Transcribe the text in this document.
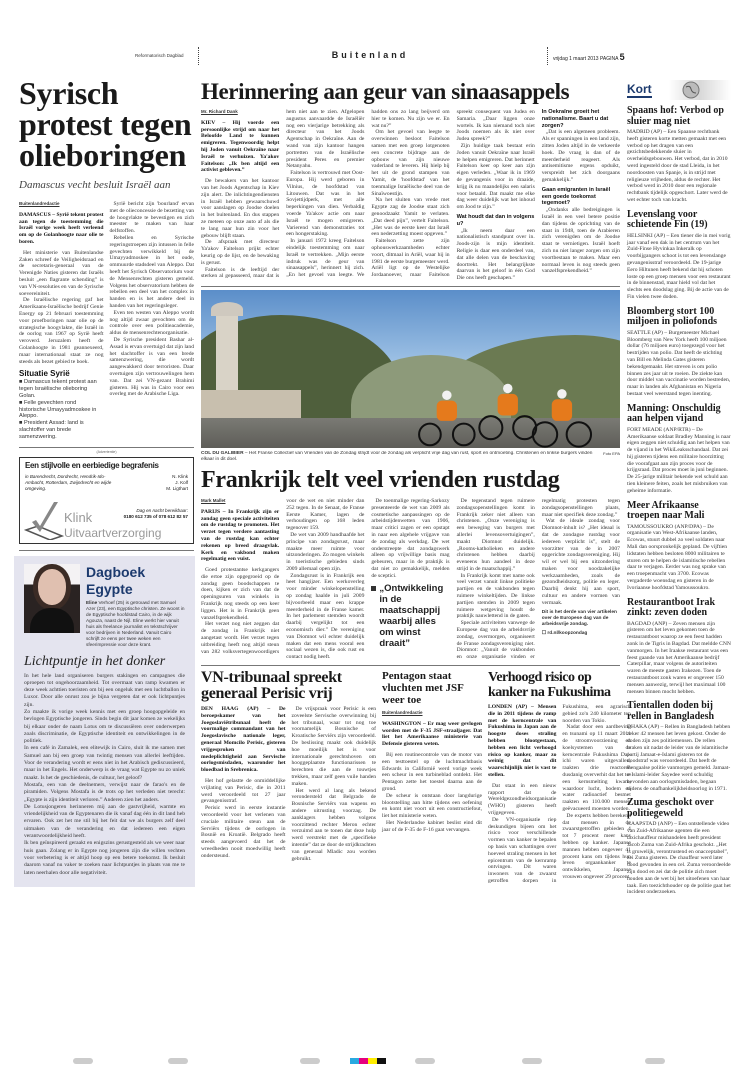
Reformatorisch Dagblad	Buitenland	vrijdag 1 maart 2013 PAGINA 5
Syrisch protest tegen olieboringen
Damascus vecht besluit Israël aan
Buitenlandredactie

DAMASCUS – Syrië tekent protest aan tegen de toestemming die Israël vorige week heeft verleend om op de Golanhoogte naar olie te boren.

Het ministerie van Buitenlandse Zaken schreef de Veiligheidsraad en de secretaris-generaal van de Verenigde Naties gisteren dat Israëls besluit „een flagrante schending” is van VN-resoluties en van de Syrische soevereiniteit.

De Israëlische regering gaf het Amerikaans-Israëlische bedrijf Genie Energy op 21 februari toestemming voor proefboringen naar olie op de strategische hoogvlakte, die Israël in de oorlog van 1967 op Syrië heeft veroverd. Jeruzalem heeft de Golanhoogte in 1981 geannexeerd, maar internationaal staat ze nog steeds als bezet gebied te boek.

Situatie Syrië
■ Damascus tekent protest aan tegen Israëlische olieboring Golan.
■ Felle gevechten rond historische Umayyadmoskee in Aleppo.
■ President Assad: land is slachtoffer van brede samenzwering.

Syrië bericht zijn 'bourland' ervan met de olieconcessie de bezetting van de hoogvlakte te bevestigen en zich meester te maken van haar delfstoffen.

Rebellen en Syrische regeringstroepen zijn intussen in felle gevechten verwikkeld bij de Umayyadmoskee in het oude, ommuurde stadsdeel van Aleppo. Dat heeft het Syrisch Observatorium voor de Mensenrechten gisteren gemeld. Volgens het observatorium hebben de rebellen een deel van het complex in handen en is het andere deel in handen van het regeringsleger.

Even ten westen van Aleppo wordt nog altijd zwaar gevochten om de controle over een politieacademie, aldus de mensenrechtenorganisatie.

De Syrische president Bashar al-Assad is ervan overtuigd dat zijn land het slachtoffer is van een brede samenzwering, die wordt aangewakkerd door terroristen. Daar overtuigen zijn vertrouwelingen hem van. Dat zei VN-gezant Brahimi gisteren. Hij was in Cairo voor een overleg met de Arabische Liga.

(Advertentie)
Een stijlvolle en eerbiedige begrafenis
in Barendrecht, Dordrecht, Hendrik-Ido-Ambacht, Rotterdam, Zwijndrecht en wijde omgeving.
N. Klink
J. Kolf
M. Ligthart
Klink	Dag en nacht bereikbaar:
0180 612 735 of 078 612 82 57
Uitvaartverzorging
Dagboek Egypte
Eline Verhoef (25) is getrouwd met Samuel Azer (23), een Egyptische christen. Ze woont in de Egyptische hoofdstad Cairo, in de wijk Agouza, naast de Nijl. Eline werkt hier vanuit huis als freelance journalist en tekstschrijver voor bedrijven in Nederland. Vanuit Cairo schrijft ze eens per twee weken een sfeerimpressie voor deze krant.
Lichtpuntje in het donker

In het hele land organiseren burgers stakingen en campagnes die oproepen tot ongehoorzaamheid. Tot overmaat van ramp kwamen er deze week achttien toeristen om bij een ongeluk met een luchtballon in Luxor. Door alle onrust zou je bijna vergeten dat er ook lichtpuntjes zijn.

Zo maakte ik vorige week kennis met een groep hoogopgeleide en bevlogen Egyptische jongeren. Sinds begin dit jaar komen ze wekelijks bij elkaar onder de naam Lotus om te discussiëren over onderwerpen zoals discriminatie, de Egyptische identiteit en ontwikkelingen in de politiek.

In een café in Zamalek, een elitewijk in Cairo, sluit ik me samen met Samuel aan bij een groep van twintig mensen van allerlei leeftijden. Voor de verandering wordt er eens niet in het Arabisch gediscussieerd, maar in het Engels. Het onderwerp is de vraag wat Egypte nu zo uniek maakt. Is het de geschiedenis, de cultuur, het geloof?

Mostafa, een van de deelnemers, verwijst naar de farao's en de piramiden. Volgens Mostafa is de trots op het verleden niet terecht: „Egypte is zijn identiteit verloren.” Anderen zien het anders.

De Lotusjongeren herinneren mij aan de gastvrijheid, warmte en vriendelijkheid van de Egyptenaren die ik vanaf dag één in dit land heb ervaren. Ook zet het me stil bij het feit dat we als burgers zelf deel uitmaken van de verandering en dat iedereen een eigen verantwoordelijkheid heeft.

Ik ben geïnspireerd geraakt en enigszins gerustgesteld als we weer naar huis gaan. Zolang er in Egypte nog jongeren zijn die willen vechten voor verbetering is er altijd hoop op een betere toekomst. Ik besluit daarom vanaf nu vaker te zoeken naar lichtpuntjes in plaats van me te laten neerhalen door alle negativiteit.

Herinnering aan geur van sinaasappels
Mr. Richard Dank

KIEV – Hij voerde een persoonlijke strijd om naar het Beloofde Land te kunnen emigreren. Tegenwoordig helpt hij Joden vanuit Oekraïne naar Israël te verhuizen. Ya'akov Faitelson: „Ik ben altijd een activist gebleven.”

De bewakers van het kantoor van het Joods Agentschap in Kiev zijn alert. De inlichtingendiensten in Israël hebben gewaarschuwd voor aanslagen op Joodse doelen in het buitenland. En dus stappen ze meteen op onze auto af als die te lang naar hun zin voor het gebouw blijft staan.

De afspraak met directeur Ya'akov Faitelson prijkt echter keurig op de lijst, en de bewaking is gerust.

Faitelson is de leeftijd der sterken al gepasseerd, maar dat is hem niet aan te zien. Afgelopen augustus aanvaardde de Israëliër nog een vierjarige betrekking als directeur van het Joods Agentschap in Oekraïne. Aan de wand van zijn kantoor hangen portretten van de Israëlische president Peres en premier Netanyahu.

Faitelson is vertrouwd met Oost-Europa. Hij werd geboren in Vilnius, de hoofdstad van Litouwen. Dat was in het Sovjettijdperk, met alle beperkingen van dien. Verbaldig voerde Ya'akov actie om naar Israël te mogen emigreren. Varierend van demonstraties tot een hongerstaking.

In januari 1972 kreeg Faitelson eindelijk toestemming om naar Israël te vertrekken. „Mijn eerste indruk was de geur van sinaasappels”, herinnert hij zich. „En het gevoel van leegte. We hadden ons zo lang beijverd om hier te komen. Nu zijn we er. En wat nu?”

Om het gevoel van leegte te overwinnen besloot Faitelson samen met een groep lotgenoten een concrete bijdrage aan de opbouw van zijn nieuwe vaderland te leveren. Hij hielp bij het uit de grond stampen van Yamit, de 'hoofdstad' van het toenmalige Israëlische deel van de Sinaïwoestijn.

Na het sluiten van vrede met Egypte zag de Joodse staat zich genoodzaakt Yamit te verlaten. „Dat deed pijn”, vertelt Faitelson. „Het was de eerste keer dat Israël een nederzetting moest opgeven.”

Faitelson zette zijn ophouswerkzaamheden echter voort, ditmaal in Ariël, waar hij in 1981 de eerste burgemeester werd. Ariël ligt op de Westelijke Jordaanoever, maar Faitelson spreekt consequent van Judea en Samaria. „Daar liggen onze wortels. Ik kan niemand toch niet Joods noemen als ik niet over Judea spreek?”

Zijn huidige taak bestaat erin Joden vanuit Oekraïne naar Israël te helpen emigreren. Dat herinnert Faitelson keer op keer aan zijn eigen verleden. „Waar ik in 1969 de gevangenis voor in draaide, krijg ik nu maandelijks een salaris voor betaald. Dat maakt me elke dag weer duidelijk wat het inhoud om Jood te zijn.”

Wat houdt dat dan in volgens u?

„Ik neem daar een nationalistisch standpunt over in. Joods-zijn is mijn identiteit. Religie is daar een onderdeel van, dat alle delen van de beschaving doortrekt. Het belangrijkste daarvan is het geloof in één God Die ons heeft geschapen.”

In Oekraïne groeit het nationalisme. Baart u dat zorgen?

„Dat is een algemeen probleem. Als er spanningen in een land zijn, zitten Joden altijd in de verkeerde hoek. De vraag is dan of de meerderheid reageert. Als antisemitisme ergens opduikt, verspreidt het zich doorgaans gemakkelijk.”

Gaan emigranten in Israël een goede toekomst tegemoet?

„Ondanks alle bedreigingen is Israël in een veel betere positie dan tijdens de oprichting van de staat in 1948, toen de Arabieren zich verenigden om de Joodse staat te vernietigen. Israël hoeft zich nu niet langer zorgen om zijn voortbestaan te maken. Maar een normaal leven is nog steeds geen vanzelfsprekendheid.”

Foto EPA
COL DU GALIBIER – Het Franse Collectief van Vrienden van de Zondag strijdt voor de zondag als verplicht vrije dag van rust, sport en ontmoeting. Christenen en linkse burgers vinden elkaar in dit doel.
Frankrijk telt veel vrienden rustdag
Mark Mallet

PARIJS – In Frankrijk zijn er zondag geen speciale activiteiten om de rustdag te promoten. Het verzet tegen verdere aantasting van de rustdag kan echter rekenen op breed draagvlak. Kerk en vakbond maken regelmatig een vuist.

Goed protestantse kerkgangers die ertoe zijn opgegroeid op de zondag geen boodschappen te doen, kijken er zich van dat de openingsuren van winkels in Frankrijk nog steeds op een keer liggen. Het is in Frankrijk geen vanzelfsprekendheid.

Het verzet nog niet zeggen dat de zondag in Frankrijk niet aangetast wordt. Het verzet tegen uitbreiding heeft nog altijd steun van 282 volksvertegenwoordigers voor de wet en niet minder dan 252 tegen. In de Senaat, de Franse Eerste Kamer, lagen de verhoudingen op 168 leden tegenover 159.

De wet van 2009 handhaafde het principe van zondagsrust, maar maakte meer ruimte voor uitzonderingen. Zo mogen winkels in toeristische gebieden sinds 2009 allemaal open zijn.

Zondagsrust is in Frankrijk een heet hangijzer. Een werkoverleg voor minder winkelopenstelling op zondag haalde in juli 2009 bijvoorbeeld maar een krappe meerderheid in de Franse kamer. In het parlement stemden woordt daarbij vergelijkt tot een economisch dier.” De vereniging van Diomnot wil echter duidelijk maken dat een mens vooral een sociaal wezen is, die ook rust en contact nodig heeft.

De toenmalige regering-Sarkozy presenteerde de wet van 2009 als cosmetische aanpassingen op de arbeidstijdenwetten van 1906, maar critici zagen er een opstapt in naar een algehele vrijgave van de zondag als werkdag. De wet onderstreepte dat zondagswerk alleen op vrijwillige basis mag gebeuren, maar in de praktijk is dat niet zo gemakkelijk, melden de sceptici.

„Ontwikkeling in de maatschappij waarbij alles om winst draait”

De tegenstand tegen ruimere zondagsopenstellingen komt in Frankrijk zeker niet alleen van christenen. „Onze vereniging is een beweging van burgers met allerlei levensovertuigingen”, maakt Diomnot duidelijk. „Rooms-katholieken en andere christenen hebben daarbij eveneens hun aandeel in deze strijd in de maatschappij.”

In Frankrijk komt met name ook veel verzet vanuit linkse politieke partijen en de vakbonden tegen ruimere winkeltijden. De linkse partijen stemden in 2009 tegen ruimere wetgeving houdt de praktijk nauwlettend in de gaten.

Speciale activiteiten vanwege de Europese dag van de arbeidsvrije zondag, overmorgen, organiseert de Franse zondagsvereniging niet. Diomnot: „Vanuit de vakbonden en onze organisatie vinden er regelmatig protesten tegen zondagsopenstellingen plaats, maar niet specifiek deze zondag.”

Wat de ideale zondag voor Diomnot-inhult is? „Het ideaal is dat de zondagse rustdag voor iedereen verplicht is”, stelt de voorzitter van de in 2007 opgerichte zondagsvereniging. Hij wil er wel bij een uitzondering maken voor noodzakelijke werkzaamheden, zoals de gezondheidszorg, politie en leger. Daarbij denkt hij aan sport, cultuur en andere vormen van vermaak.

Dit is het derde van vier artikelen over de Europese dag van de arbeidsvrije zondag.
☐ rd.nl/koopzondag
VN-tribunaal spreekt generaal Perisic vrij

DEN HAAG (AP) – De beroepskamer van het Joegoslaviëtribunaal heeft de voormalige commandant van het Joegoslavische nationale leger, generaal Momcilo Perisic, gisteren vrijgesproken van medeplichtigheid aan Servische oorlogsmisdaden, waaronder het bloedbad in Srebrenica.

Het hof gelastte de onmiddellijke vrijlating van Perisic, die in 2011 werd veroordeeld tot 27 jaar gevangenisstraf.

Perisic werd in eerste instantie veroordeeld voor het verlenen van cruciale militaire steun aan de Serviërs tijdens de oorlogen in Bosnië en Kroatië. Belgrado heeft steeds aangevoerd dat het de wreedheden nooit moedwillig heeft ondersteund.

De vrijspraak voor Perisic is een zoveelste Servische overwinning bij het tribunaal, waar tot nog toe voornamelijk Bosnische of Kroatische Serviërs zijn veroordeeld. De beslissing maakt ook duidelijk hoe moeilijk het is voor internationale gerechtshoven om hooggeplaatste functionarissen te berechten die aan de touwtjes trekken, maar zelf geen vuile handen maken.

Het werd al lang als bekend verondersteld dat Belgrado de Bosnische Serviërs van wapens en andere uitrusting voorzag. De aanklagers hebben volgens voorzittend rechter Meron echter verzuimd aan te tonen dat deze hulp werd verstrekt met de „specifieke intentie” dat ze door de strijdkrachten van generaal Mladic zou worden gebruikt.

Pentagon staat vluchten met JSF weer toe
Buitenlandredactie

WASHINGTON – Er mag weer gevlogen worden met de F-35 JSF-straaljager. Dat liet het Amerikaanse ministerie van Defensie gisteren weten.

Bij een routinecontrole van de motor van een testtoestel op de luchtmachtbasis Edwards in Californië werd vorige week een scheur in een turbineblad ontdekt. Het Pentagon zette het toestel daarna aan de grond.

De scheur is ontstaan door langdurige blootstelling aan hitte tijdens een oefening en komt niet voort uit een constructiefout, liet het ministerie weten.

Het Nederlandse kabinet beslist eind dit jaar of de F-35 de F-16 gaat vervangen.

Verhoogd risico op kanker na Fukushima

LONDEN (AP) – Mensen die in 2011 tijdens de ramp met de kerncentrale van Fukushima in Japan aan de hoogste doses straling hebben blootgestaan, hebben een licht verhoogd risico op kanker, maar zo weinig dat dit waarschijnlijk niet is vast te stellen.

Dat staat in een nieuw rapport dat de Wereldgezondheidsorganisatie (WHO) gisteren heeft vrijgegeven.

De VN-organisatie riep deskundigen bijeen om het risico voor verschillende vormen van kanker te bepalen op basis van schattingen over hoeveel straling mensen in het epicentrum van de kernramp ontvingen. Dit waren inwoners van de zwaarst getroffen dorpen in Fukushima, een agrarisch gebied zo'n 240 kilometer ten noorden van Tokio.

Nadat door een aardbeving en tsunami op 11 maart 2011 de stroomvoorziening en koelsystemen van de kerncentrale Fukushima Dai-ichi waren uitgevallen, raakten drie reactoren dusdanig oververhit dat het tot een kernsmelting kwam, waardoor lucht, bodem en water radioactief besmet raakten en 110.000 mensen geëvacueerd moesten worden.

De experts hebben berekend dat mensen in de zwaarstgetroffen gebieden 4 tot 7 procent meer kans hebben op kanker. Japanse mannen hebben ongeveer 41 procent kans om tijdens hun leven orgaankanker te ontwikkelen, Japanse vrouwen ongeveer 29 procent.

Kort
Spaans hof: Verbod op sluier mag niet
MADRID (AP) – Een Spaanse rechtbank heeft gisteren korte metten gemaakt met een verbod op het dragen van een gezichtsbedekkende sluier in overheidsgebouwen. Het verbod, dat in 2010 werd ingesteld door de stad Lleida, in het noordoosten van Spanje, is in strijd met religieuze vrijheden, aldus de rechter. Het verbod werd in 2010 door een regionale rechtbank tijdelijk opgeschort. Later werd de wet echter toch van kracht.
Levenslang voor schietende Fin (19)
HELSINKI (AP) – Een tiener die in mei vorig jaar vanaf een dak in het centrum van het Zuid-Finse Hyvinkaa Inkeralk op voorbijgangers schoot is tot een levenslange gevangenisstraf veroordeeld. De 19-jarige Eero Hiltunen heeft bekend dat hij schoten loste op een groep mensen voor een restaurant in de binnenstad, maar hield vol dat het slechts een doodslag ging. Bij de actie van de Fin vielen twee doden.
Bloomberg stort 100 miljoen in poliofonds
SEATTLE (AP) – Burgemeester Michael Bloomberg van New York heeft 100 miljoen dollar (76 miljoen euro) toegezegd voor het bestrijden van polio. Dat heeft de stichting van Bill en Melinda Gates gisteren bekendgemaakt. Het streven is om polio binnen zes jaar uit te roeien. De ziekte kan door middel van vaccinatie worden bestreden, maar in landen als Afghanistan en Nigeria bestaat veel weerstand tegen inenting.
Manning: Onschuldig aan helpen vijand
FORT MEADE (ANP/RTR) – De Amerikaanse soldaat Bradley Manning is naar eigen zeggen niet schuldig aan het helpen van de vijand in het WikiLeaksschandaal. Dat zei hij gisteren tijdens een militaire hoorzitting die voorafgaat aan zijn proces voor de krijgsraad. Dat proces moet in juni beginnen. De 25-jarige militair bekende wel schuld aan tien kleinere feiten, zoals het misbruiken van geheime informatie.
Meer Afrikaanse troepen naar Mali
TAMOUSSOUKRO (ANP/DPA) – De organisatie van West-Afrikaanse landen, Ecowas, stuurt dubbel zo veel soldaten naar Mali dan oorspronkelijk gepland. De vijftien lidstaten hebben besloten 8000 militairen te sturen om te helpen de islamitische rebellen daar te verjagen. Eerder was nog sprake van een troepenmacht van 3700. Ecowas vergaderde woensdag en gisteren in de Ivoriaanse hoofdstad Yamoussoukro.
Restaurantboot Irak zinkt: zeven doden
BAGDAD (ANP) – Zeven mensen zijn gisteren om het leven gekomen toen de restaurantboot waarop ze een feest hadden zonk in de Tigris in Bagdad. Dat meldde CNN vanmorgen. In het Iraakse restaurant was een feest gaande van het Amerikaanse bedrijf Caterpillar, maar volgens de autoriteiten waren de meeste gasten Irakezen. Toen de restaurantboot zonk waren er ongeveer 150 mensen aanwezig, terwijl het maximaal 100 mensen binnen mocht hebben.
Tientallen doden bij rellen in Bangladesh
DHAKA (AP) – Rellen in Bangladesh hebben zeker 42 mensen het leven gekost. Onder de doden zijn zes politiemensen. De rellen braken uit nadat de leider van de islamitische partij Jamaat-e-Islami gisteren tot de doodstraf was veroordeeld. Dat heeft de Bengaalse politie vanmorgen gemeld. Jamaat-e-Islami-leider Sayedee werd schuldig bevonden aan oorlogsmisdaden, begaan tijdens de onafhankelijkheidsoorlog in 1971.
Zuma geschokt over politiegeweld
KAAPSTAD (ANP) – Een ontstellende video van Zuid-Afrikaanse agenten die een taxichauffeur mishandelen heeft president Jacob Zuma van Zuid-Afrika geschokt. „Het is gruwelijk, verontrustend en onacceptabel”, zei Zuma gisteren. De chauffeur werd later dood gevonden in een cel. Zuma veroordeelde zijn dood en zei dat de politie zich moet houden aan de wet bij het uitoefenen van haar taak. Een toezichthouder op de politie gaat het incident onderzoeken.
